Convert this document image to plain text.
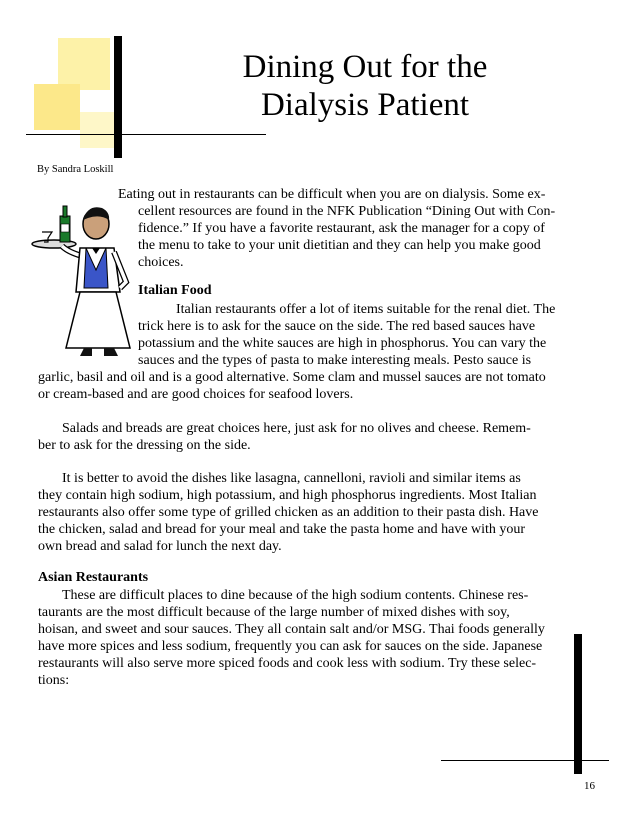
Dining Out for the
Dialysis Patient
By Sandra Loskill
Eating out in restaurants can be difficult when you are on dialysis. Some ex-
cellent resources are found in the NFK Publication “Dining Out with Con-
fidence.” If you have a favorite restaurant, ask the manager for a copy of
the menu to take to your unit dietitian and they can help you make good
choices.
Italian Food
Italian restaurants offer a lot of items suitable for the renal diet. The
trick here is to ask for the sauce on the side. The red based sauces have
potassium and the white sauces are high in phosphorus. You can vary the
sauces and the types of pasta to make interesting meals. Pesto sauce is
garlic, basil and oil and is a good alternative. Some clam and mussel sauces are not tomato
or cream-based and are good choices for seafood lovers.
Salads and breads are great choices here, just ask for no olives and cheese. Remem-
ber to ask for the dressing on the side.
It is better to avoid the dishes like lasagna, cannelloni, ravioli and similar items as
they contain high sodium, high potassium, and high phosphorus ingredients. Most Italian
restaurants also offer some type of grilled chicken as an addition to their pasta dish. Have
the chicken, salad and bread for your meal and take the pasta home and have with your
own bread and salad for lunch the next day.
Asian Restaurants
These are difficult places to dine because of the high sodium contents. Chinese res-
taurants are the most difficult because of the large number of mixed dishes with soy,
hoisan, and sweet and sour sauces. They all contain salt and/or MSG. Thai foods generally
have more spices and less sodium, frequently you can ask for sauces on the side. Japanese
restaurants will also serve more spiced foods and cook less with sodium. Try these selec-
tions:
16
